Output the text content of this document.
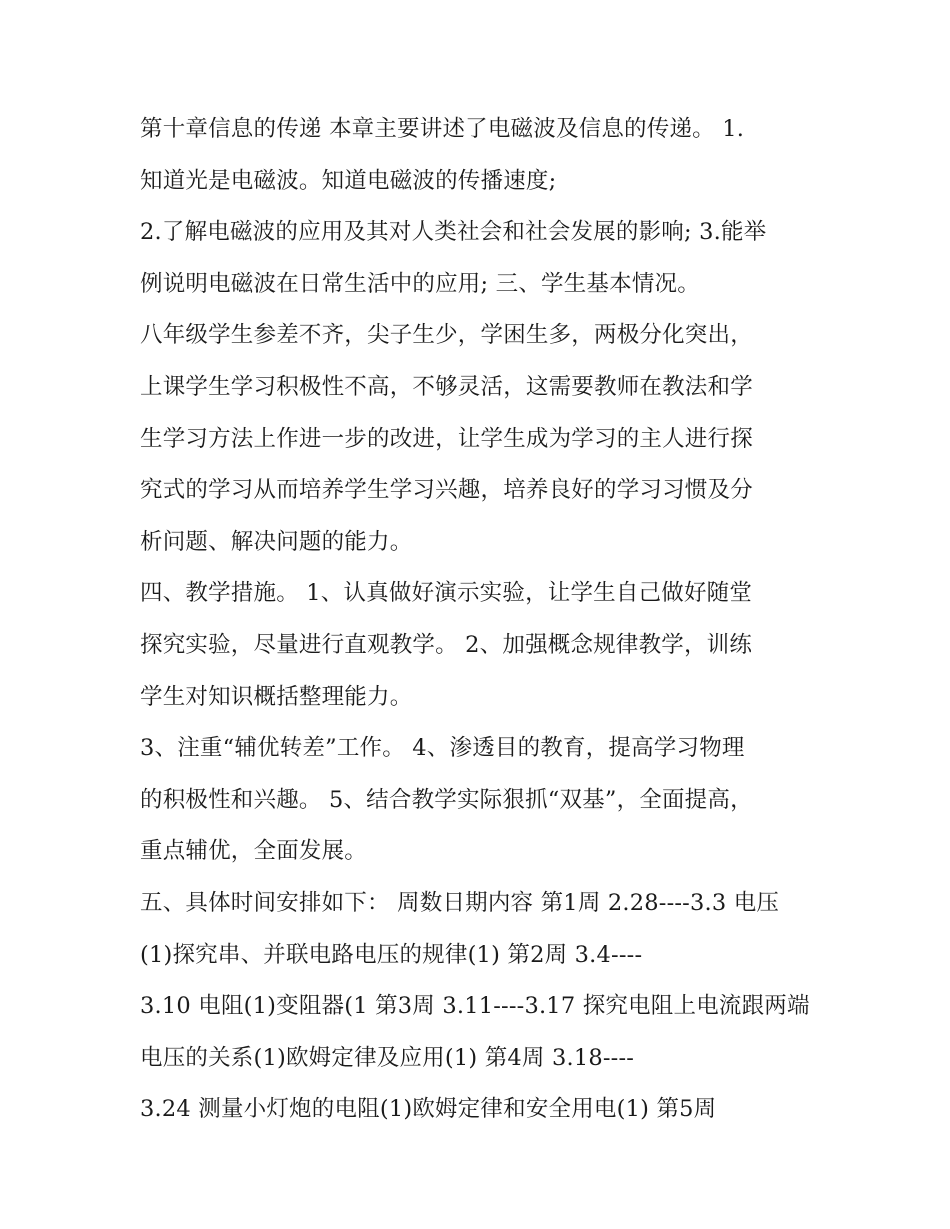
第十章信息的传递 本章主要讲述了电磁波及信息的传递。 1.
知道光是电磁波。知道电磁波的传播速度;
2.了解电磁波的应用及其对人类社会和社会发展的影响; 3.能举
例说明电磁波在日常生活中的应用; 三、学生基本情况。
八年级学生参差不齐，尖子生少，学困生多，两极分化突出，
上课学生学习积极性不高，不够灵活，这需要教师在教法和学
生学习方法上作进一步的改进，让学生成为学习的主人进行探
究式的学习从而培养学生学习兴趣，培养良好的学习习惯及分
析问题、解决问题的能力。
四、教学措施。 1、认真做好演示实验，让学生自己做好随堂
探究实验，尽量进行直观教学。 2、加强概念规律教学，训练
学生对知识概括整理能力。
3、注重“辅优转差”工作。 4、渗透目的教育，提高学习物理
的积极性和兴趣。 5、结合教学实际狠抓“双基”，全面提高，
重点辅优，全面发展。
五、具体时间安排如下： 周数日期内容 第1周 2.28----3.3 电压
(1)探究串、并联电路电压的规律(1) 第2周 3.4----
3.10 电阻(1)变阻器(1 第3周 3.11----3.17 探究电阻上电流跟两端
电压的关系(1)欧姆定律及应用(1) 第4周 3.18----
3.24 测量小灯炮的电阻(1)欧姆定律和安全用电(1) 第5周
